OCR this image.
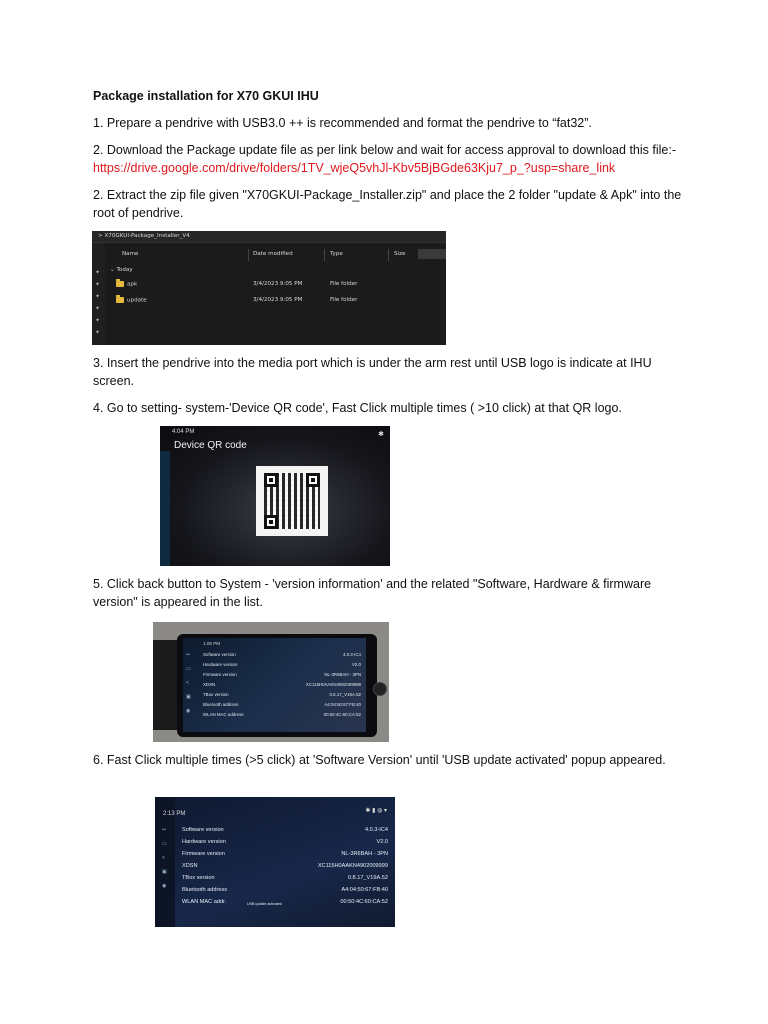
Package installation for X70 GKUI IHU

1. Prepare a pendrive with USB3.0 ++ is recommended and format the pendrive to “fat32”.

2. Download the Package update file as per link below and wait for access approval to download this file:-https://drive.google.com/drive/folders/1TV_wjeQ5vhJl-Kbv5BjBGde63Kju7_p_?usp=share_link

2. Extract the zip file given "X70GKUI-Package_Installer.zip" and place the 2 folder "update & Apk" into the root of pendrive.

> X70GKUI-Package_Installer_V4
✦
✦
✦
✦
✦
✦
Name	Date modified	Type	Size
⌄ Today
apk	3/4/2023 9:05 PM	File folder
update	3/4/2023 9:05 PM	File folder

3. Insert the pendrive into the media port which is under the arm rest until USB logo is indicate at IHU screen.

4. Go to setting- system-'Device QR code', Fast Click multiple times ( >10 click) at that QR logo.

4:04 PM	✱
Device QR code

5. Click back button to System - 'version information' and the related "Software, Hardware & firmware version" is appeared in the list.

1:06 PM
↩
▭
<
▣
◉
Software version	4.0.3-IC4
Hardware version	V2.0
Firmware version	NL-3R6BAH - 3PN
XDSN	XC115H0AAKN4902009999
TBox version	0.8.17_V19A.52
Bluetooth address	A4:04:50:67:FB:40
WLAN MAC address	00:50:4C:60:CA:52

6. Fast Click multiple times (>5 click) at 'Software Version' until 'USB update activated' popup appeared.

2:13 PM	✱ ▮ ◍ ▾
↩
▭
<
▣
◉
Software version	4.0.3-IC4
Hardware version	V2.0
Firmware version	NL-3R6BAH - 3PN
XDSN	XC115H0AAKN4902009999
TBox version	0.8.17_V19A.52
Bluetooth address	A4:04:50:67:FB:40
WLAN MAC addr.	00:50:4C:60:CA:52
USB update activated
